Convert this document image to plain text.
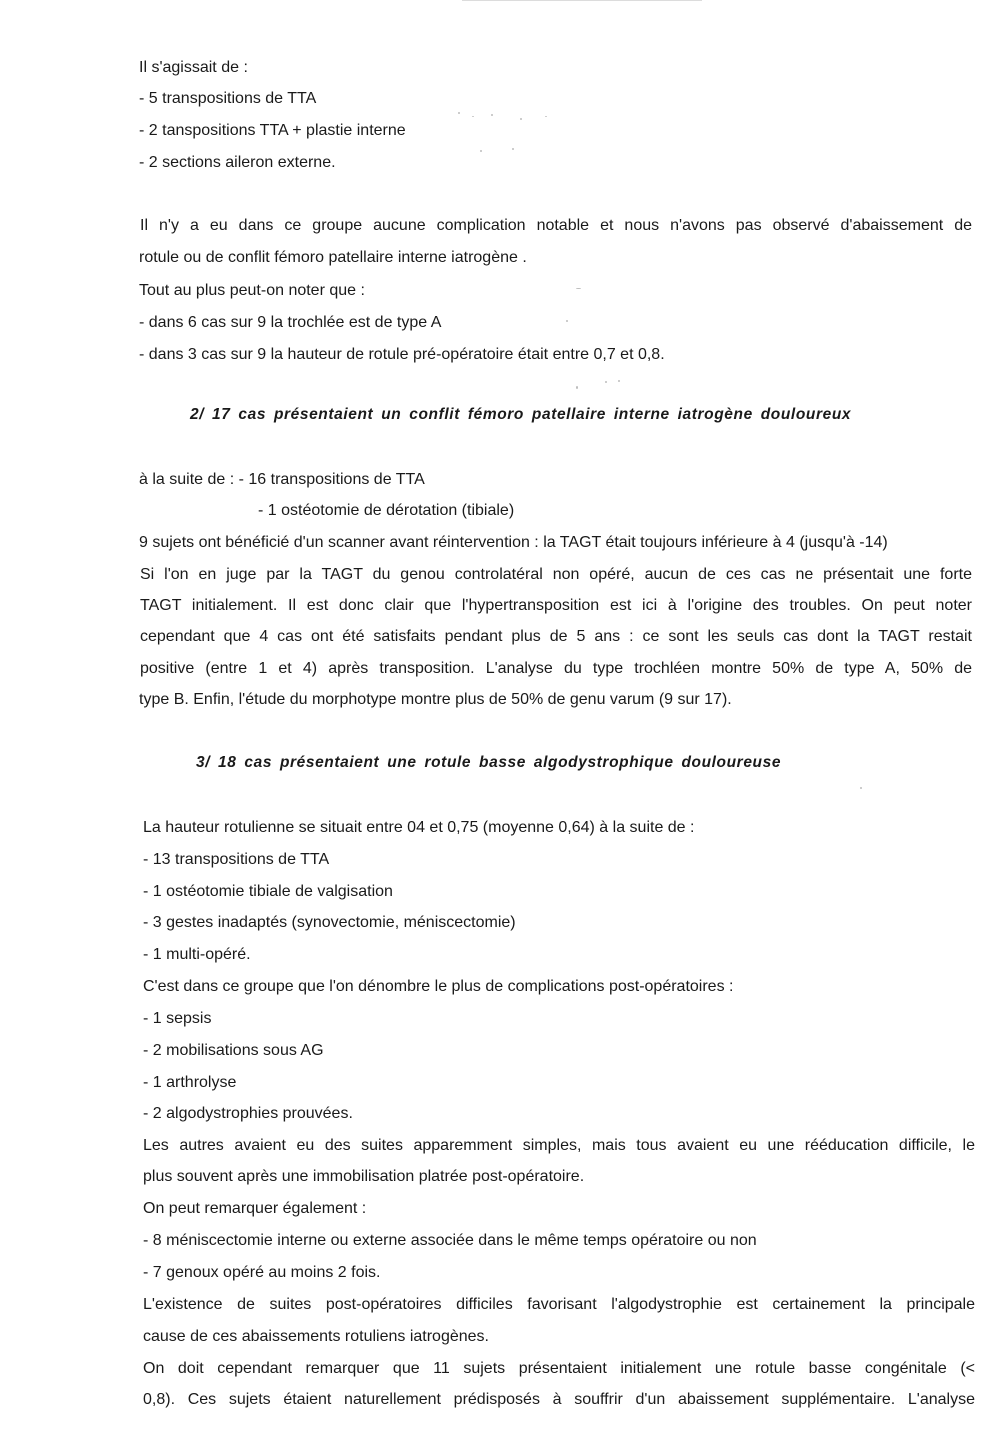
Il s'agissait de :
- 5 transpositions de TTA
- 2 tanspositions TTA + plastie interne
- 2 sections aileron externe.
Il n'y a eu dans ce groupe aucune complication notable et nous n'avons pas observé d'abaissement de
rotule ou de conflit fémoro patellaire interne iatrogène .
Tout au plus peut-on noter que :
- dans 6 cas sur 9 la trochlée est de type A
- dans 3 cas sur 9 la hauteur de rotule pré-opératoire était entre 0,7 et 0,8.
2/ 17 cas présentaient un conflit fémoro patellaire interne iatrogène douloureux
à la suite de : - 16 transpositions de TTA
- 1 ostéotomie de dérotation (tibiale)
9 sujets ont bénéficié d'un scanner avant réintervention : la TAGT était toujours inférieure à 4 (jusqu'à -14)
Si l'on en juge par la TAGT du genou controlatéral non opéré, aucun de ces cas ne présentait une forte
TAGT initialement. Il est donc clair que l'hypertransposition est ici à l'origine des troubles. On peut noter
cependant que 4 cas ont été satisfaits pendant plus de 5 ans : ce sont les seuls cas dont la TAGT restait
positive (entre 1 et 4) après transposition. L'analyse du type trochléen montre 50% de type A, 50% de
type B. Enfin, l'étude du morphotype montre plus de 50% de genu varum (9 sur 17).
3/ 18 cas présentaient une rotule basse algodystrophique douloureuse
La hauteur rotulienne se situait entre 04 et 0,75 (moyenne 0,64) à la suite de :
- 13 transpositions de TTA
- 1 ostéotomie tibiale de valgisation
- 3 gestes inadaptés (synovectomie, méniscectomie)
- 1 multi-opéré.
C'est dans ce groupe que l'on dénombre le plus de complications post-opératoires :
- 1 sepsis
- 2 mobilisations sous AG
- 1 arthrolyse
- 2 algodystrophies prouvées.
Les autres avaient eu des suites apparemment simples, mais tous avaient eu une rééducation difficile, le
plus souvent après une immobilisation platrée post-opératoire.
On peut remarquer également :
- 8 méniscectomie interne ou externe associée dans le même temps opératoire ou non
- 7 genoux opéré au moins 2 fois.
L'existence de suites post-opératoires difficiles favorisant l'algodystrophie est certainement la principale
cause de ces abaissements rotuliens iatrogènes.
On doit cependant remarquer que 11 sujets présentaient initialement une rotule basse congénitale (<
0,8). Ces sujets étaient naturellement prédisposés à souffrir d'un abaissement supplémentaire. L'analyse
